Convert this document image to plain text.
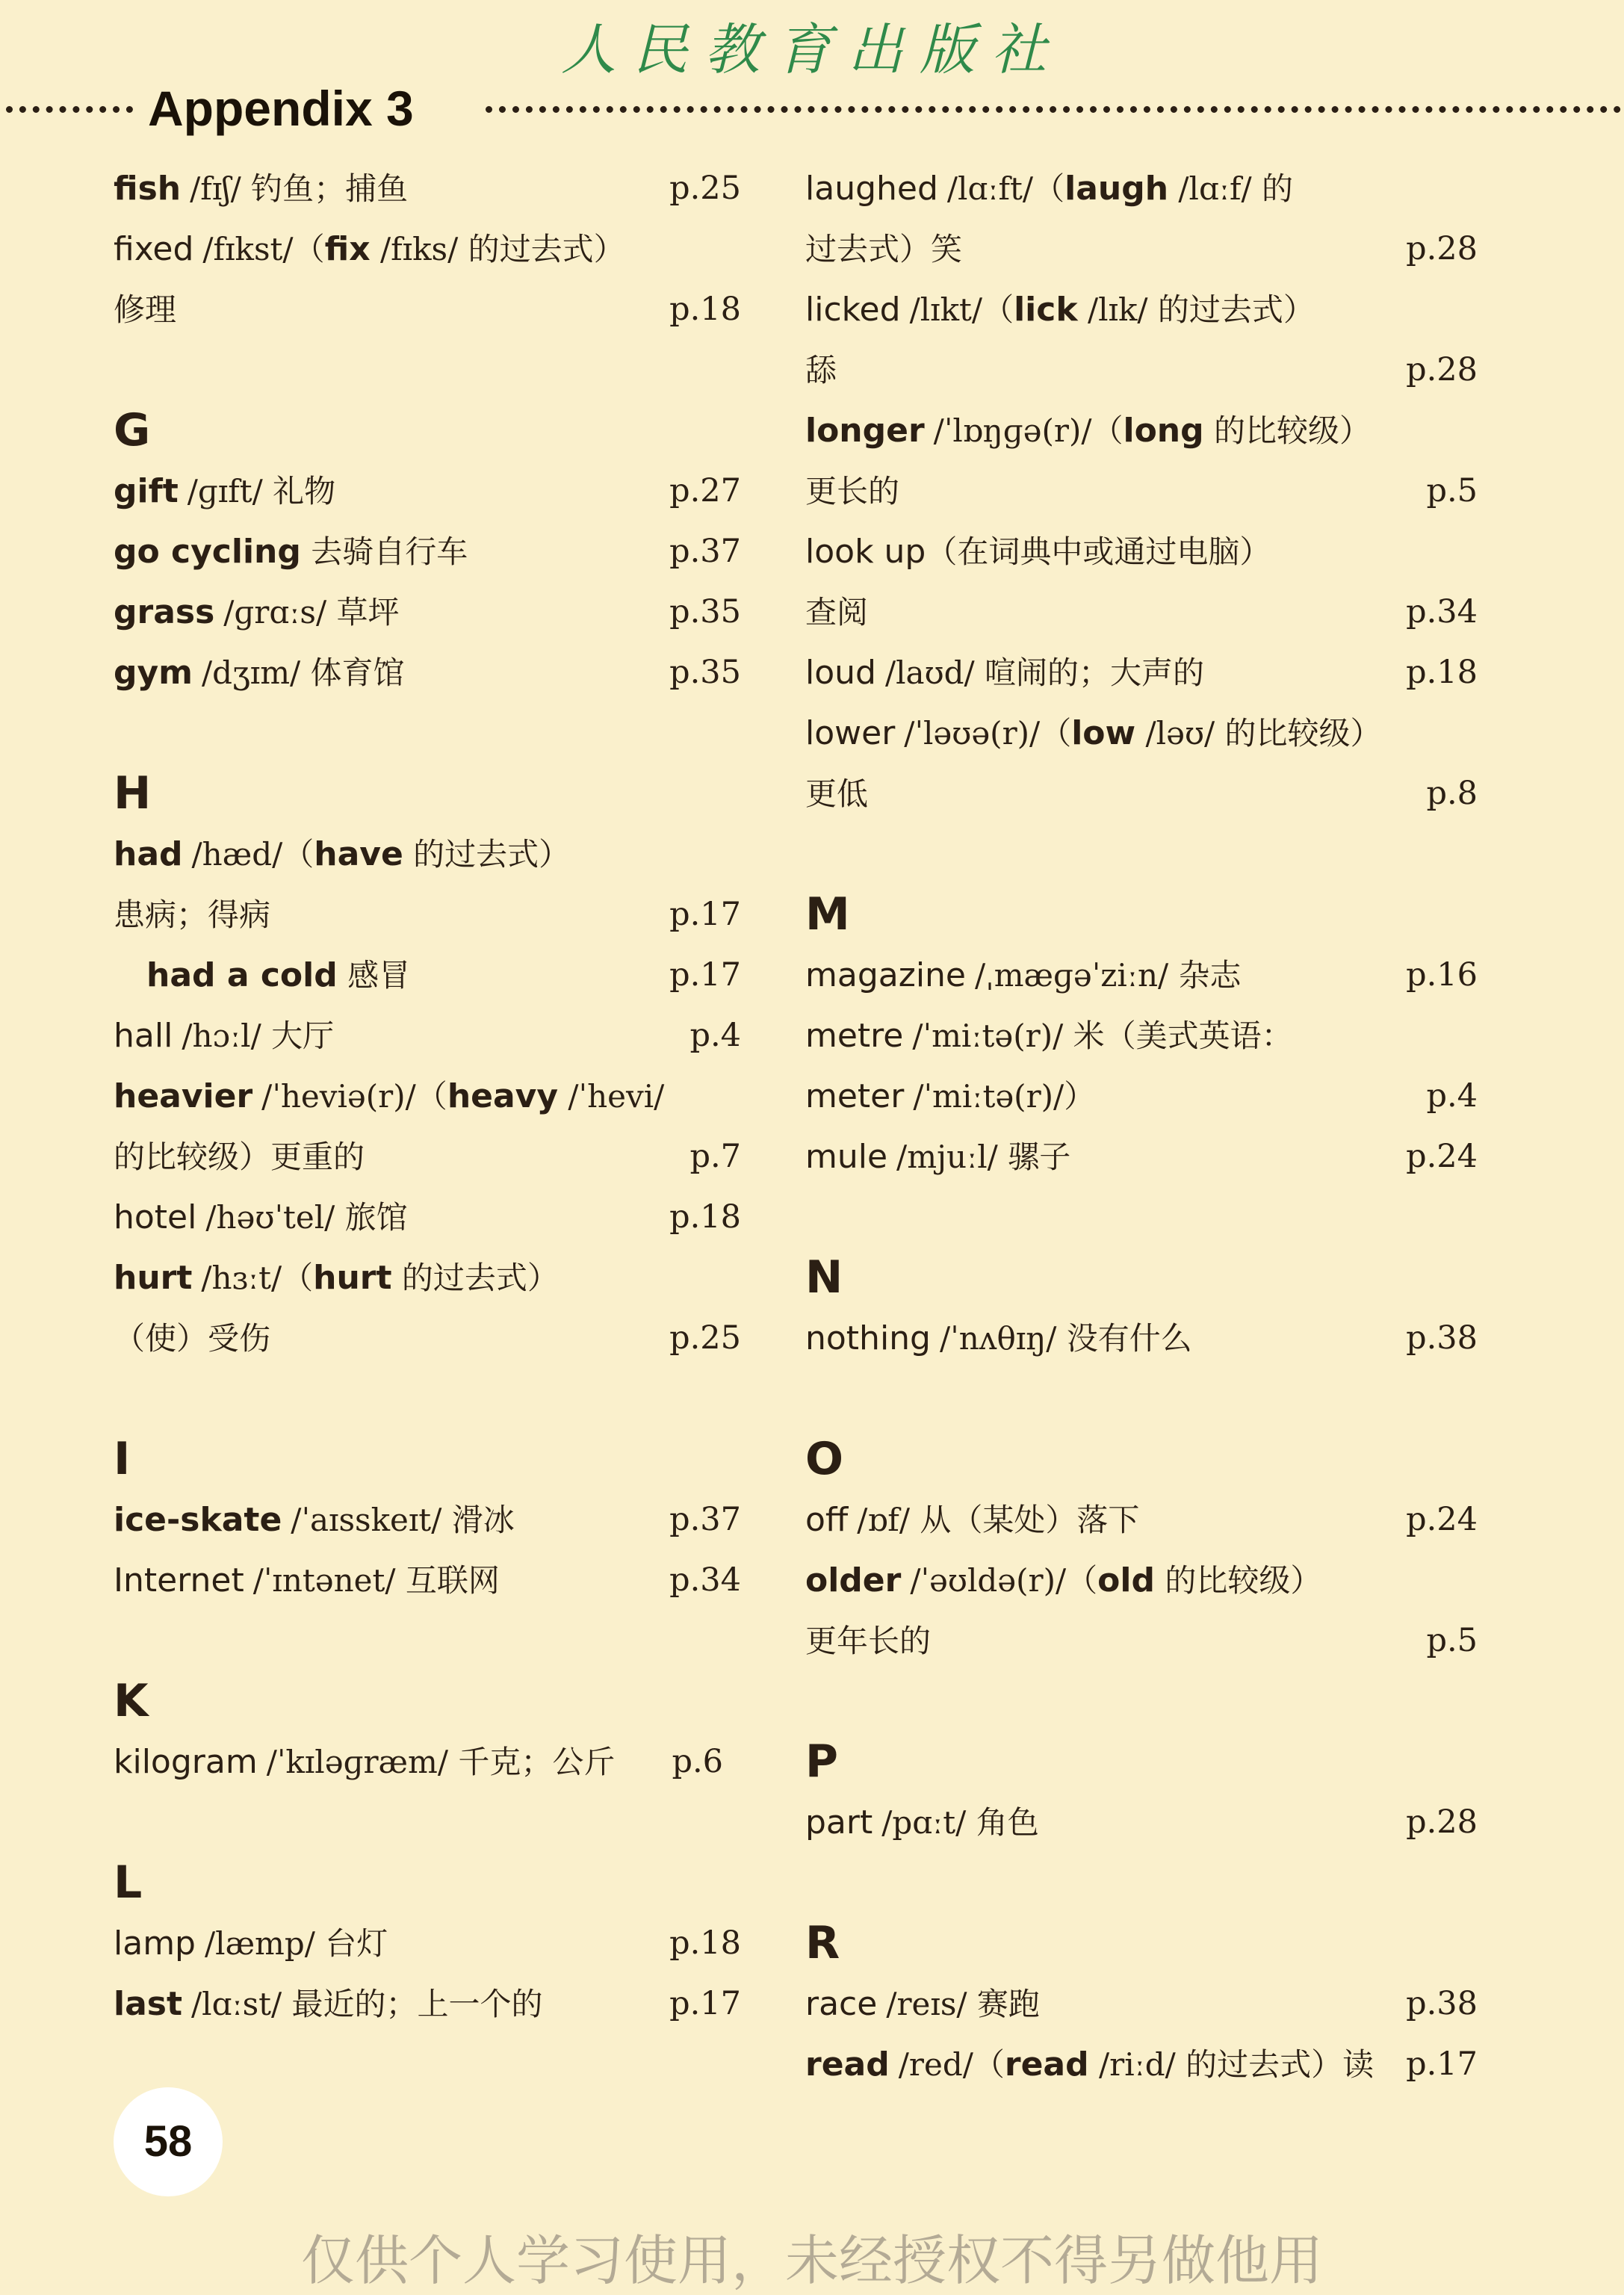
人民教育出版社
Appendix 3
fish /fɪʃ/ 钓鱼；捕鱼	p.25
fixed /fɪkst/（fix /fɪks/ 的过去式）
修理	p.18
G
gift /ɡɪft/ 礼物	p.27
go cycling 去骑自行车	p.37
grass /ɡrɑːs/ 草坪	p.35
gym /dʒɪm/ 体育馆	p.35
H
had /hæd/（have 的过去式）
患病；得病	p.17
had a cold 感冒	p.17
hall /hɔːl/ 大厅	p.4
heavier /ˈheviə(r)/（heavy /ˈhevi/
的比较级）更重的	p.7
hotel /həʊˈtel/ 旅馆	p.18
hurt /hɜːt/（hurt 的过去式）
（使）受伤	p.25
I
ice-skate /ˈaɪsskeɪt/ 滑冰	p.37
Internet /ˈɪntənet/ 互联网	p.34
K
kilogram /ˈkɪləɡræm/ 千克；公斤 p.6
L
lamp /læmp/ 台灯	p.18
last /lɑːst/ 最近的；上一个的	p.17
laughed /lɑːft/（laugh /lɑːf/ 的
过去式）笑	p.28
licked /lɪkt/（lick /lɪk/ 的过去式）
舔	p.28
longer /ˈlɒŋɡə(r)/（long 的比较级）
更长的	p.5
look up（在词典中或通过电脑）
查阅	p.34
loud /laʊd/ 喧闹的；大声的	p.18
lower /ˈləʊə(r)/（low /ləʊ/ 的比较级）
更低	p.8
M
magazine /ˌmæɡəˈziːn/ 杂志	p.16
metre /ˈmiːtə(r)/ 米（美式英语：
meter /ˈmiːtə(r)/）	p.4
mule /mjuːl/ 骡子	p.24
N
nothing /ˈnʌθɪŋ/ 没有什么	p.38
O
off /ɒf/ 从（某处）落下	p.24
older /ˈəʊldə(r)/（old 的比较级）
更年长的	p.5
P
part /pɑːt/ 角色	p.28
R
race /reɪs/ 赛跑	p.38
read /red/（read /riːd/ 的过去式）读 p.17
58
仅供个人学习使用，未经授权不得另做他用
